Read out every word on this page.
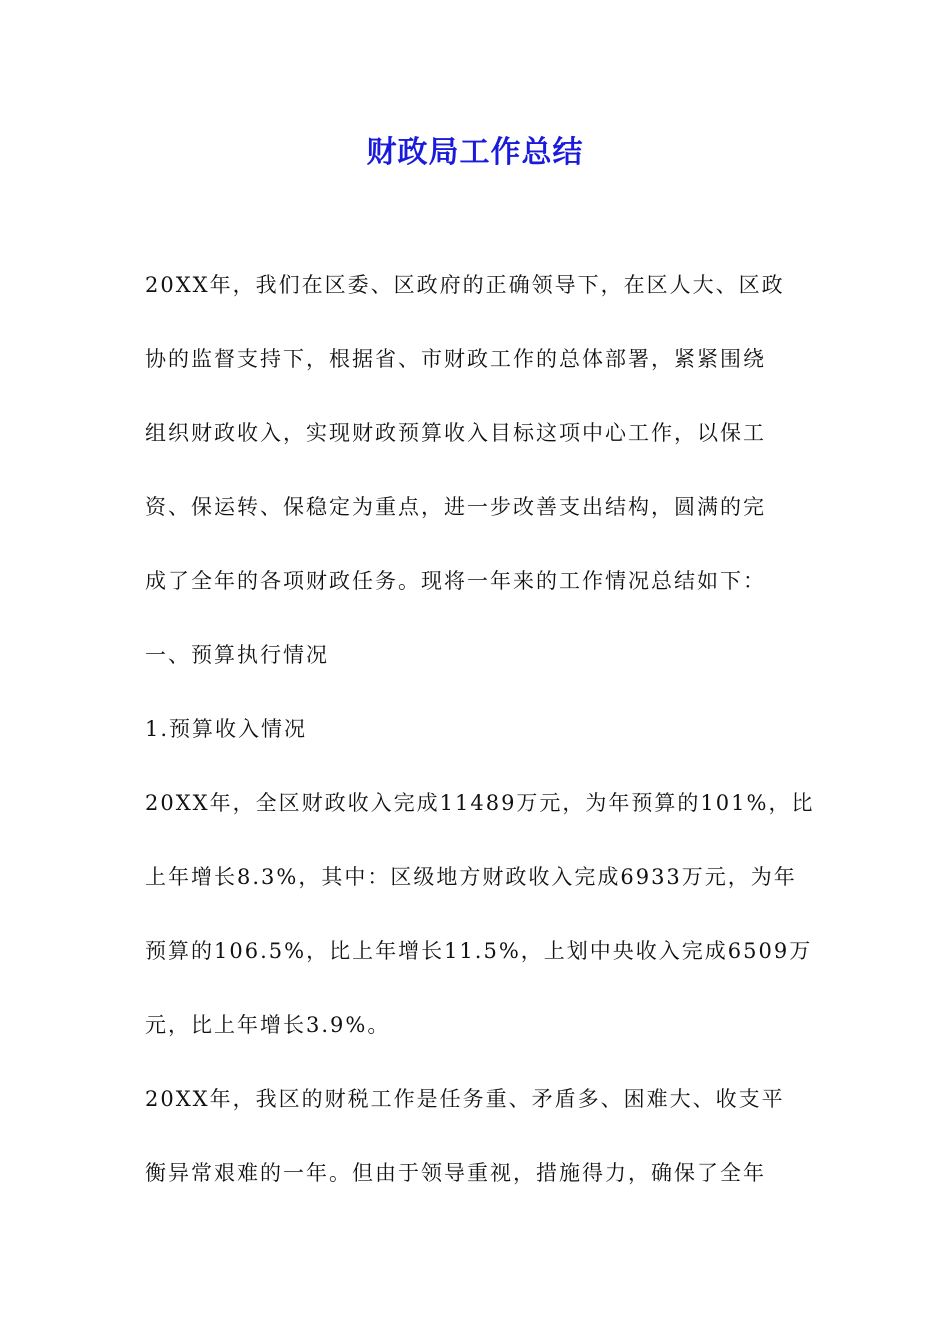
财政局工作总结
20XX年，我们在区委、区政府的正确领导下，在区人大、区政
协的监督支持下，根据省、市财政工作的总体部署，紧紧围绕
组织财政收入，实现财政预算收入目标这项中心工作，以保工
资、保运转、保稳定为重点，进一步改善支出结构，圆满的完
成了全年的各项财政任务。现将一年来的工作情况总结如下：
一、预算执行情况
1.预算收入情况
20XX年，全区财政收入完成11489万元，为年预算的101%，比
上年增长8.3%，其中：区级地方财政收入完成6933万元，为年
预算的106.5%，比上年增长11.5%，上划中央收入完成6509万
元，比上年增长3.9%。
20XX年，我区的财税工作是任务重、矛盾多、困难大、收支平
衡异常艰难的一年。但由于领导重视，措施得力，确保了全年
